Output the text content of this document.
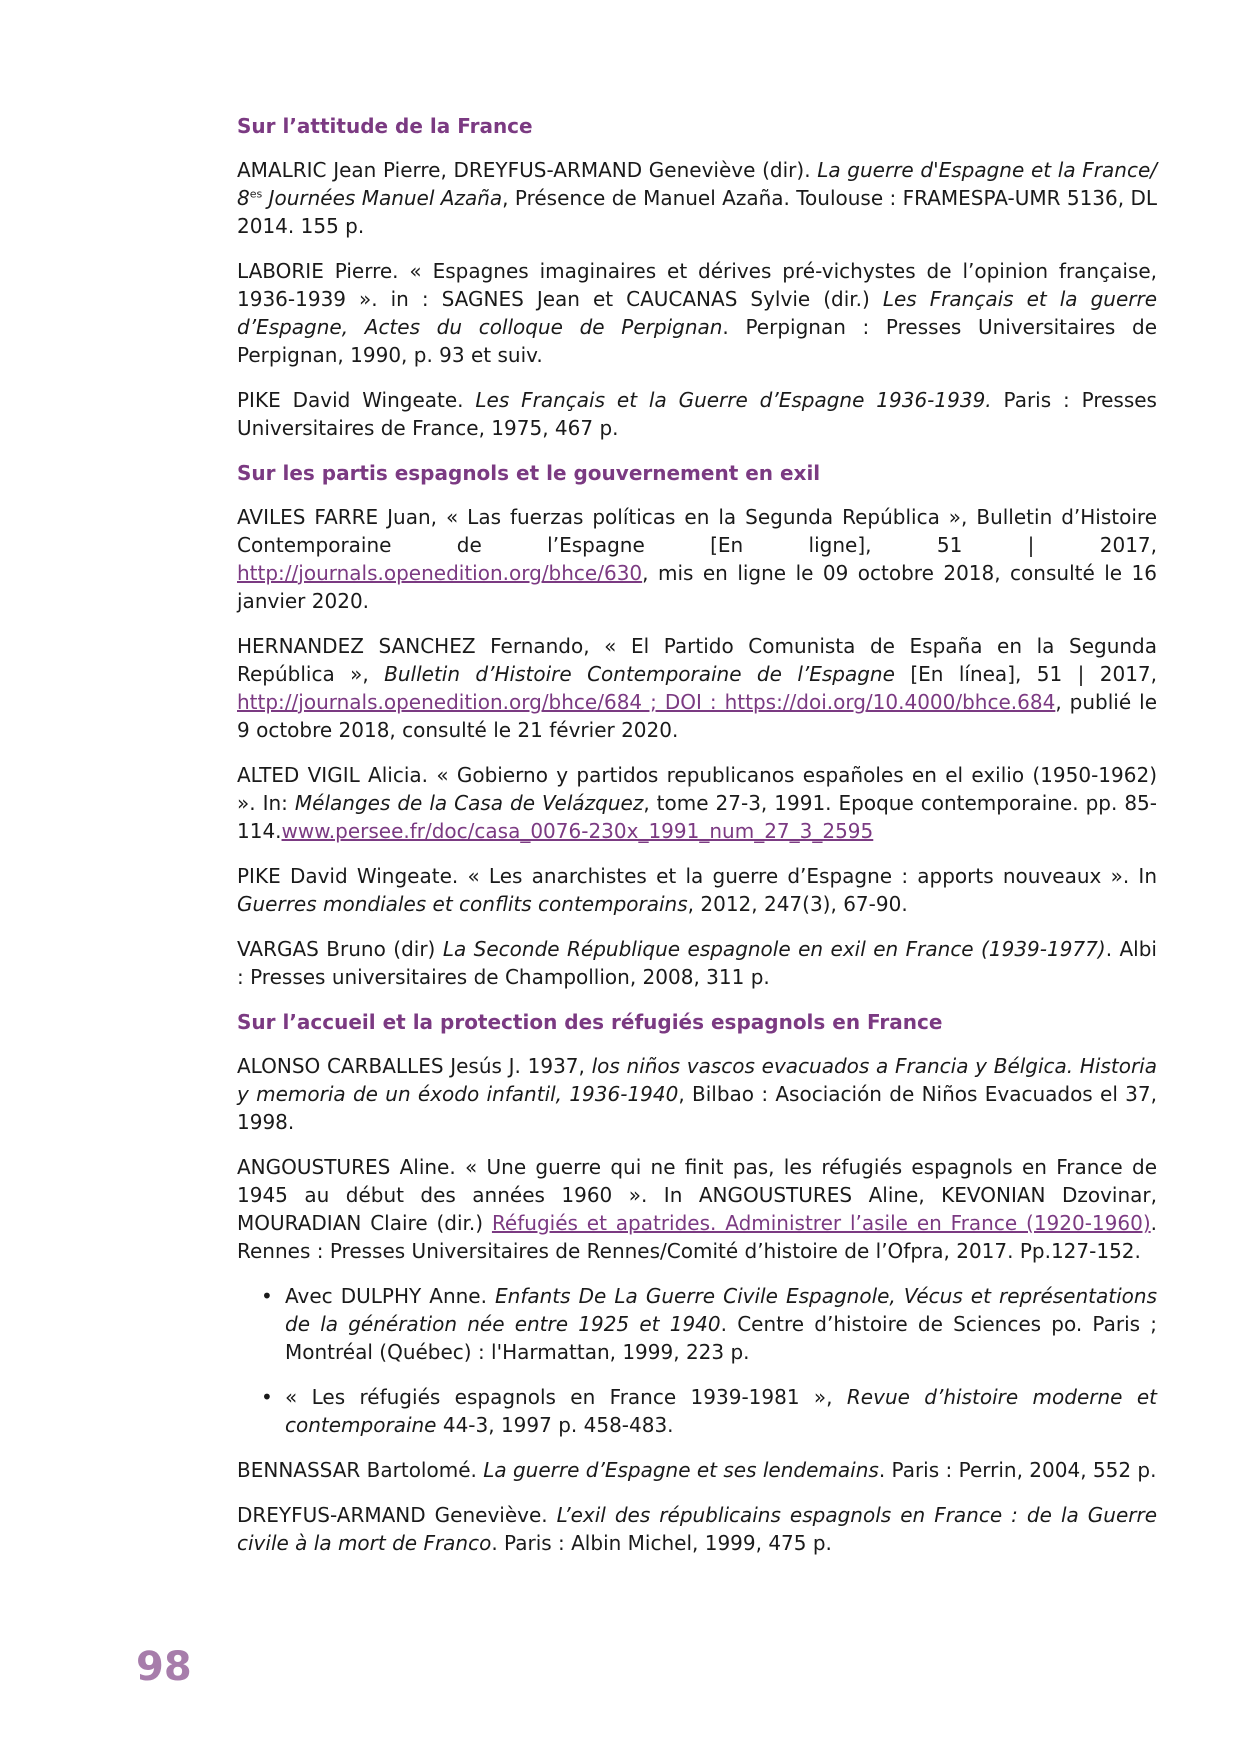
Sur l’attitude de la France

AMALRIC Jean Pierre, DREYFUS-ARMAND Geneviève (dir). La guerre d'Espagne et la France/ $8^{es}$ Journées Manuel Azaña, Présence de Manuel Azaña. Toulouse : FRAMESPA-UMR 5136, DL 2014. 155 p.

LABORIE Pierre. « Espagnes imaginaires et dérives pré-vichystes de l’opinion française, 1936-1939 ». in : SAGNES Jean et CAUCANAS Sylvie (dir.) Les Français et la guerre d’Espagne, Actes du colloque de Perpignan. Perpignan : Presses Universitaires de Perpignan, 1990, p. 93 et suiv.

PIKE David Wingeate. Les Français et la Guerre d’Espagne 1936-1939. Paris : Presses Universitaires de France, 1975, 467 p.

Sur les partis espagnols et le gouvernement en exil

AVILES FARRE Juan, « Las fuerzas políticas en la Segunda República », Bulletin d’Histoire Contemporaine de l’Espagne [En ligne], 51 | 2017, http://journals.openedition.org/bhce/630, mis en ligne le 09 octobre 2018, consulté le 16 janvier 2020.

HERNANDEZ SANCHEZ Fernando, « El Partido Comunista de España en la Segunda República », Bulletin d’Histoire Contemporaine de l’Espagne [En línea], 51 | 2017, http://journals.openedition.org/bhce/684 ; DOI : https://doi.org/10.4000/bhce.684, publié le 9 octobre 2018, consulté le 21 février 2020.

ALTED VIGIL Alicia. « Gobierno y partidos republicanos españoles en el exilio (1950-1962) ». In: Mélanges de la Casa de Velázquez, tome 27-3, 1991. Epoque contemporaine. pp. 85-114.www.persee.fr/doc/casa_0076-230x_1991_num_27_3_2595

PIKE David Wingeate. « Les anarchistes et la guerre d’Espagne : apports nouveaux ». In Guerres mondiales et conflits contemporains, 2012, 247(3), 67-90.

VARGAS Bruno (dir) La Seconde République espagnole en exil en France (1939-1977). Albi : Presses universitaires de Champollion, 2008, 311 p.

Sur l’accueil et la protection des réfugiés espagnols en France

ALONSO CARBALLES Jesús J. 1937, los niños vascos evacuados a Francia y Bélgica. Historia y memoria de un éxodo infantil, 1936-1940, Bilbao : Asociación de Niños Evacuados el 37, 1998.

ANGOUSTURES Aline. « Une guerre qui ne finit pas, les réfugiés espagnols en France de 1945 au début des années 1960 ». In ANGOUSTURES Aline, KEVONIAN Dzovinar, MOURADIAN Claire (dir.) Réfugiés et apatrides. Administrer l’asile en France (1920-1960). Rennes : Presses Universitaires de Rennes/Comité d’histoire de l’Ofpra, 2017. Pp.127-152.

• Avec DULPHY Anne. Enfants De La Guerre Civile Espagnole, Vécus et représentations de la génération née entre 1925 et 1940. Centre d’histoire de Sciences po. Paris ; Montréal (Québec) : l'Harmattan, 1999, 223 p.
• « Les réfugiés espagnols en France 1939-1981 », Revue d’histoire moderne et contemporaine 44-3, 1997 p. 458-483.

BENNASSAR Bartolomé. La guerre d’Espagne et ses lendemains. Paris : Perrin, 2004, 552 p.

DREYFUS-ARMAND Geneviève. L’exil des républicains espagnols en France : de la Guerre civile à la mort de Franco. Paris : Albin Michel, 1999, 475 p.

98
